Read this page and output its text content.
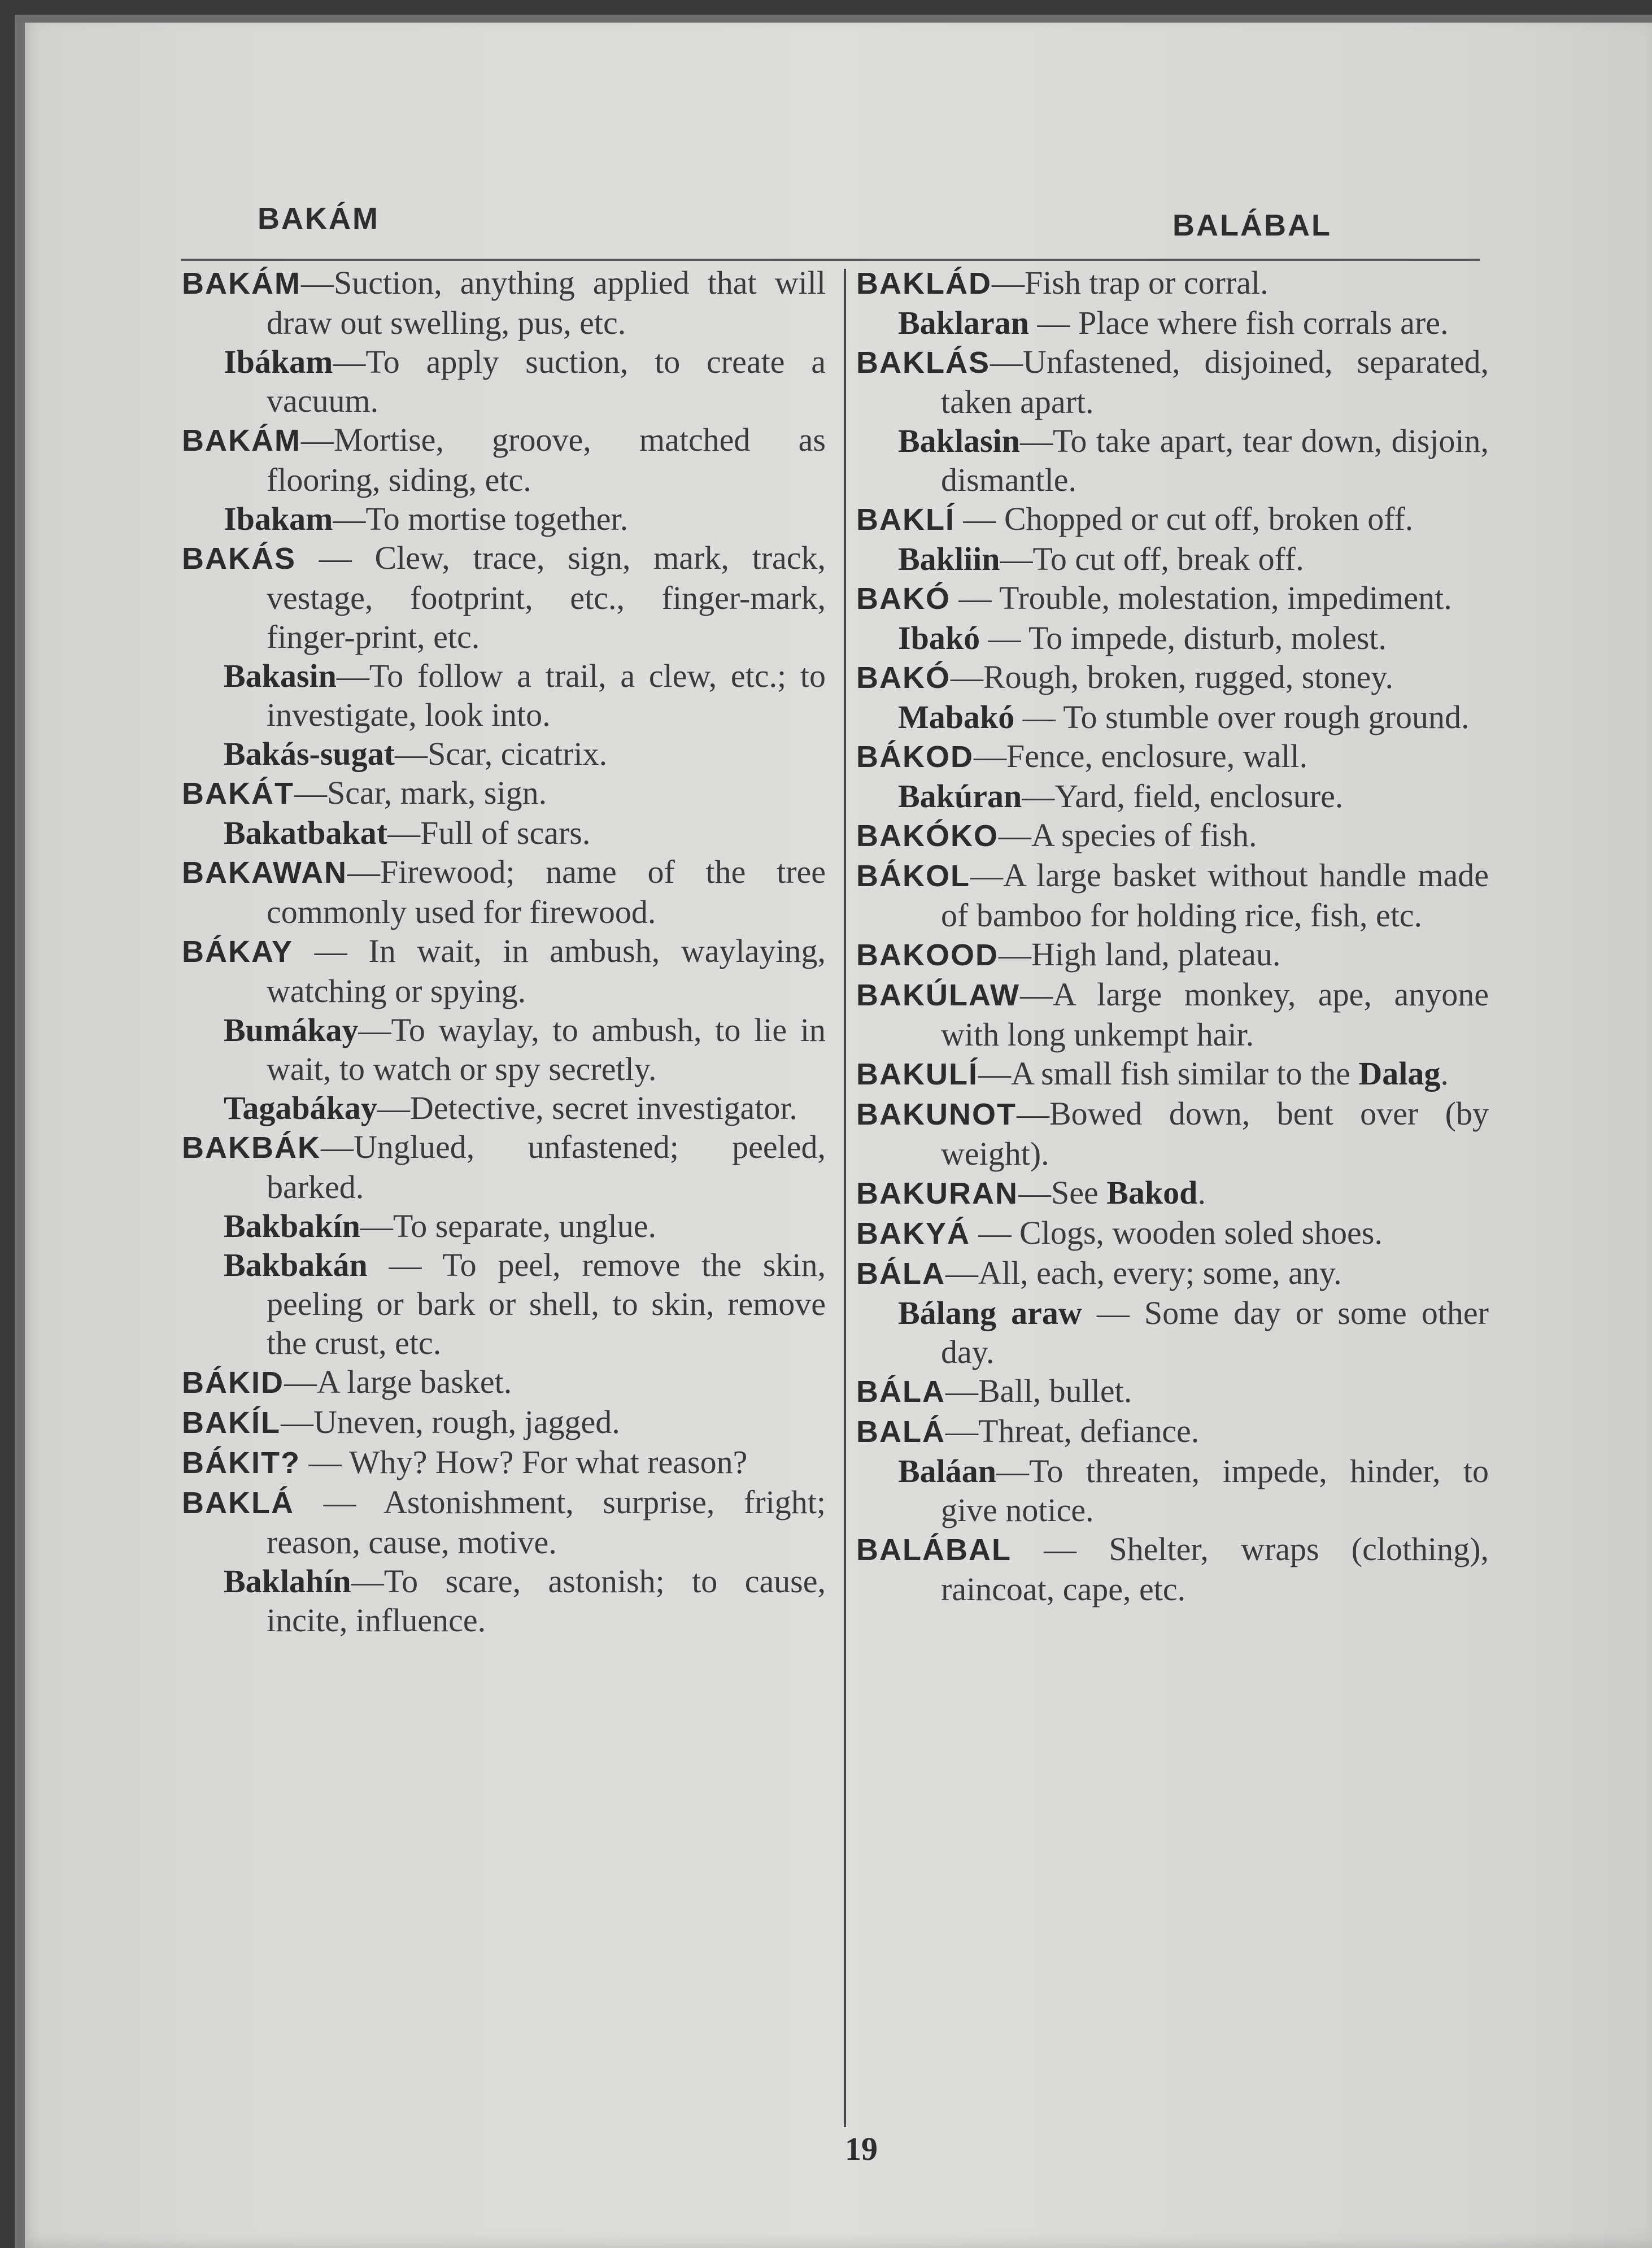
BAKÁM	BALÁBAL

BAKÁM—Suction, anything applied that will draw out swelling, pus, etc.

Ibákam—To apply suction, to create a vacuum.

BAKÁM—Mortise, groove, matched as flooring, siding, etc.

Ibakam—To mortise together.

BAKÁS — Clew, trace, sign, mark, track, vestage, footprint, etc., finger-mark, finger-print, etc.

Bakasin—To follow a trail, a clew, etc.; to investigate, look into.

Bakás-sugat—Scar, cicatrix.

BAKÁT—Scar, mark, sign.

Bakatbakat—Full of scars.

BAKAWAN—Firewood; name of the tree commonly used for firewood.

BÁKAY — In wait, in ambush, waylaying, watching or spying.

Bumákay—To waylay, to ambush, to lie in wait, to watch or spy secretly.

Tagabákay—Detective, secret investigator.

BAKBÁK—Unglued, unfastened; peeled, barked.

Bakbakín—To separate, unglue.

Bakbakán — To peel, remove the skin, peeling or bark or shell, to skin, remove the crust, etc.

BÁKID—A large basket.

BAKÍL—Uneven, rough, jagged.

BÁKIT? — Why? How? For what reason?

BAKLÁ — Astonishment, surprise, fright; reason, cause, motive.

Baklahín—To scare, astonish; to cause, incite, influence.

BAKLÁD—Fish trap or corral.

Baklaran — Place where fish corrals are.

BAKLÁS—Unfastened, disjoined, separated, taken apart.

Baklasin—To take apart, tear down, disjoin, dismantle.

BAKLÍ — Chopped or cut off, broken off.

Bakliin—To cut off, break off.

BAKÓ — Trouble, molestation, impediment.

Ibakó — To impede, disturb, molest.

BAKÓ—Rough, broken, rugged, stoney.

Mabakó — To stumble over rough ground.

BÁKOD—Fence, enclosure, wall.

Bakúran—Yard, field, enclosure.

BAKÓKO—A species of fish.

BÁKOL—A large basket without handle made of bamboo for holding rice, fish, etc.

BAKOOD—High land, plateau.

BAKÚLAW—A large monkey, ape, anyone with long unkempt hair.

BAKULÍ—A small fish similar to the Dalag.

BAKUNOT—Bowed down, bent over (by weight).

BAKURAN—See Bakod.

BAKYÁ — Clogs, wooden soled shoes.

BÁLA—All, each, every; some, any.

Bálang araw — Some day or some other day.

BÁLA—Ball, bullet.

BALÁ—Threat, defiance.

Baláan—To threaten, impede, hinder, to give notice.

BALÁBAL — Shelter, wraps (clothing), raincoat, cape, etc.

19
